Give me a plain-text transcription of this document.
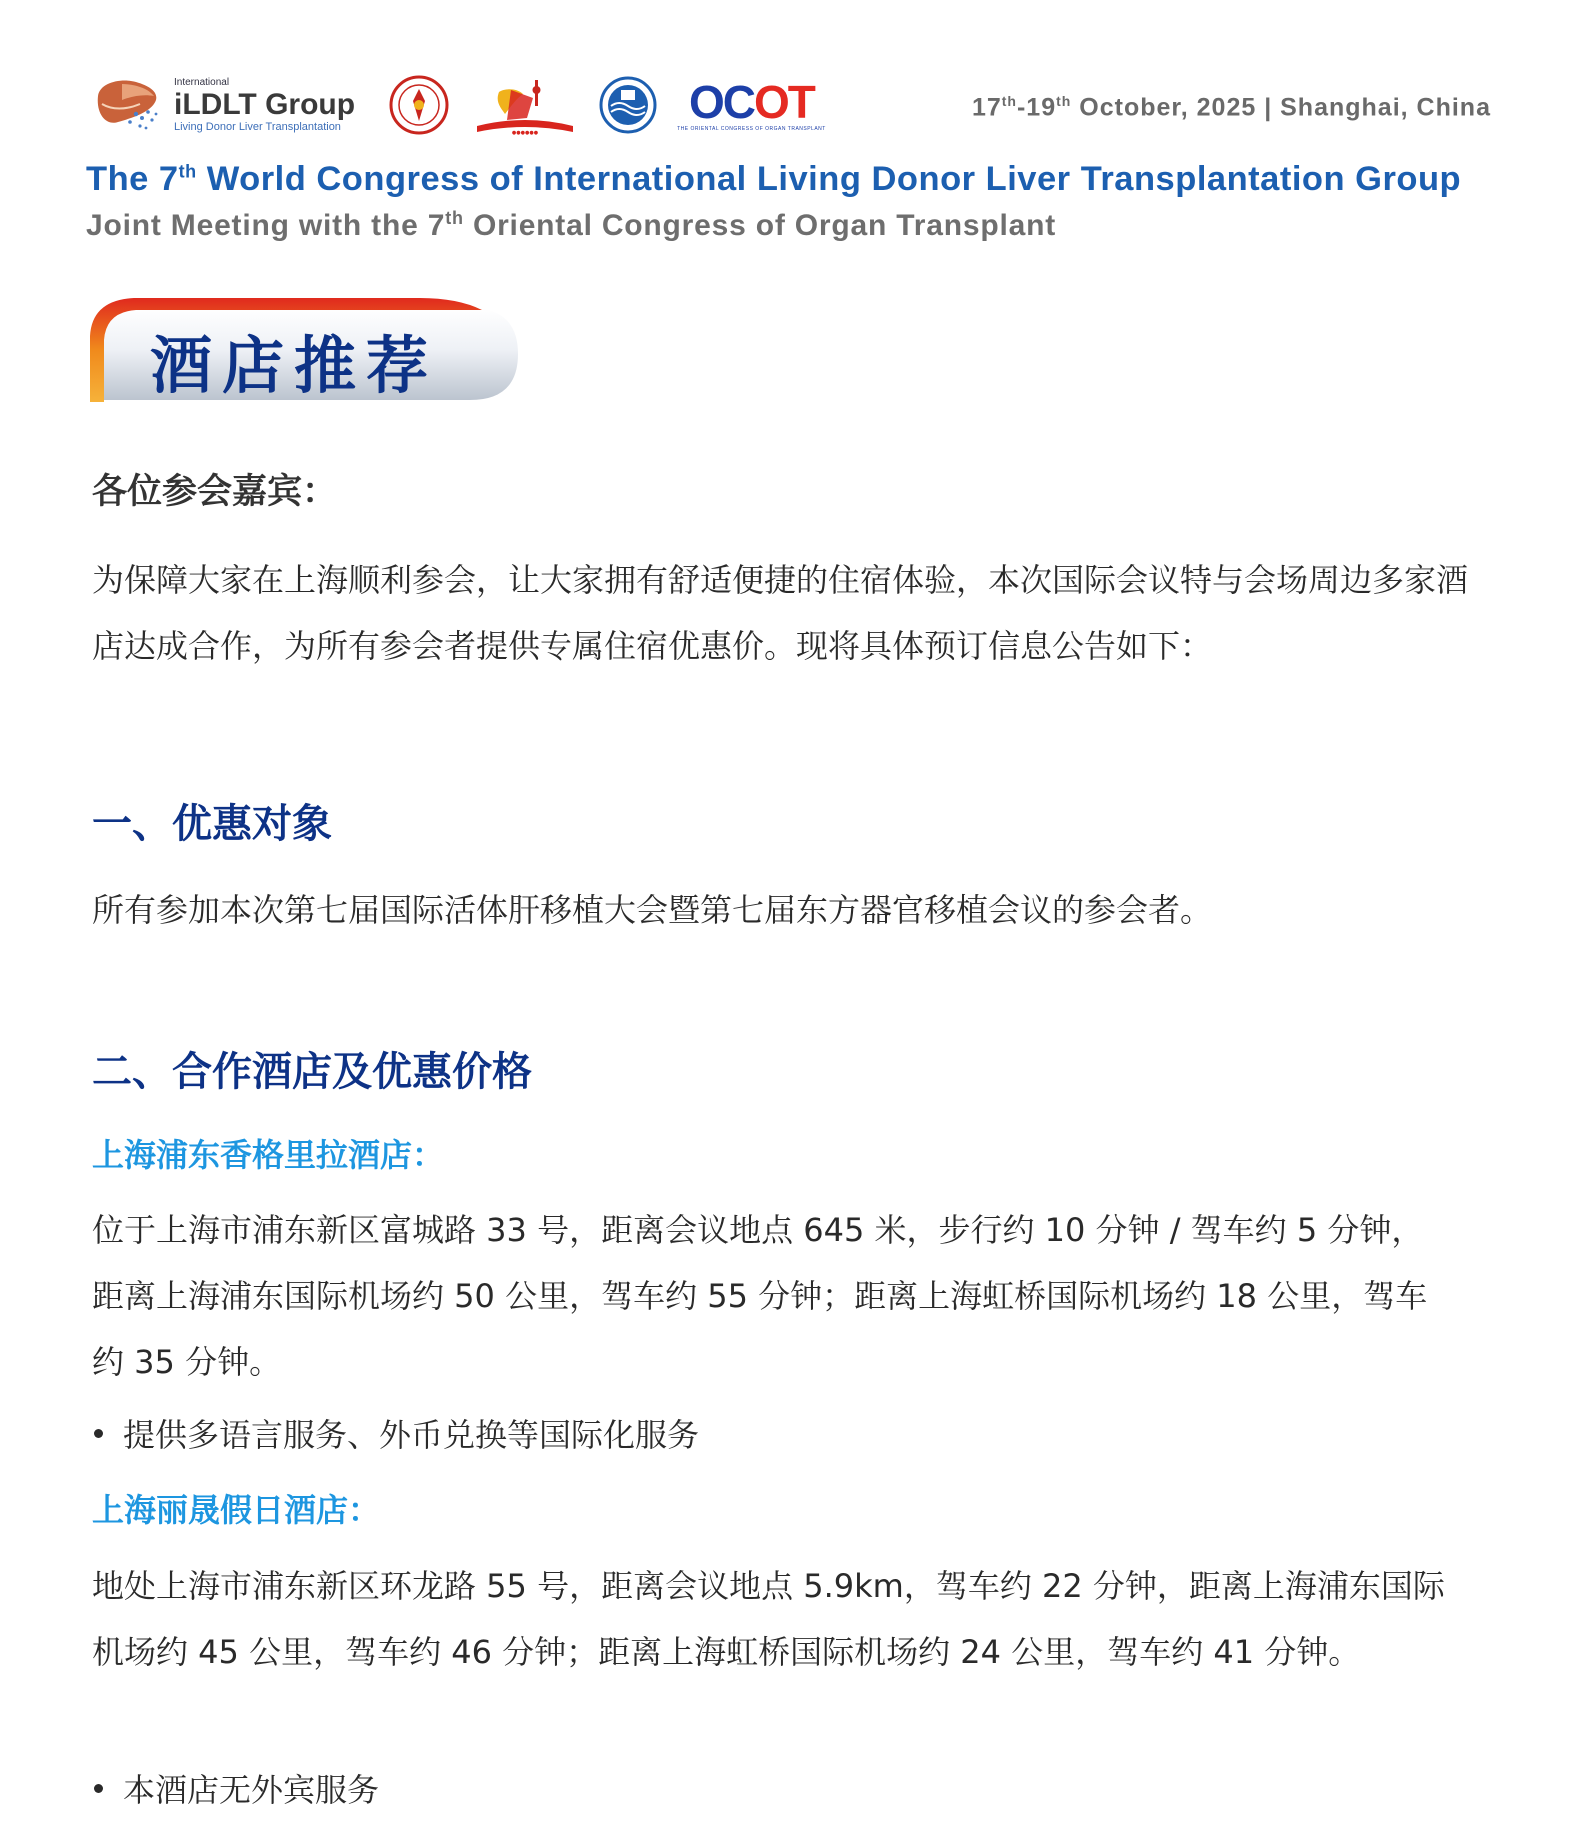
International
iLDLT Group
Living Donor Liver Transplantation
●●●●●●
OCOT
THE ORIENTAL CONGRESS OF ORGAN TRANSPLANT
17th-19th October, 2025 | Shanghai, China
The 7th World Congress of International Living Donor Liver Transplantation Group
Joint Meeting with the 7th Oriental Congress of Organ Transplant
酒店推荐
各位参会嘉宾：
为保障大家在上海顺利参会，让大家拥有舒适便捷的住宿体验，本次国际会议特与会场周边多家酒店达成合作，为所有参会者提供专属住宿优惠价。现将具体预订信息公告如下：
一、优惠对象
所有参加本次第七届国际活体肝移植大会暨第七届东方器官移植会议的参会者。
二、合作酒店及优惠价格
上海浦东香格里拉酒店：
位于上海市浦东新区富城路 33 号，距离会议地点 645 米，步行约 10 分钟 / 驾车约 5 分钟，距离上海浦东国际机场约 50 公里，驾车约 55 分钟；距离上海虹桥国际机场约 18 公里，驾车约 35 分钟。
提供多语言服务、外币兑换等国际化服务
上海丽晟假日酒店：
地处上海市浦东新区环龙路 55 号，距离会议地点 5.9km，驾车约 22 分钟，距离上海浦东国际机场约 45 公里，驾车约 46 分钟；距离上海虹桥国际机场约 24 公里，驾车约 41 分钟。
本酒店无外宾服务
